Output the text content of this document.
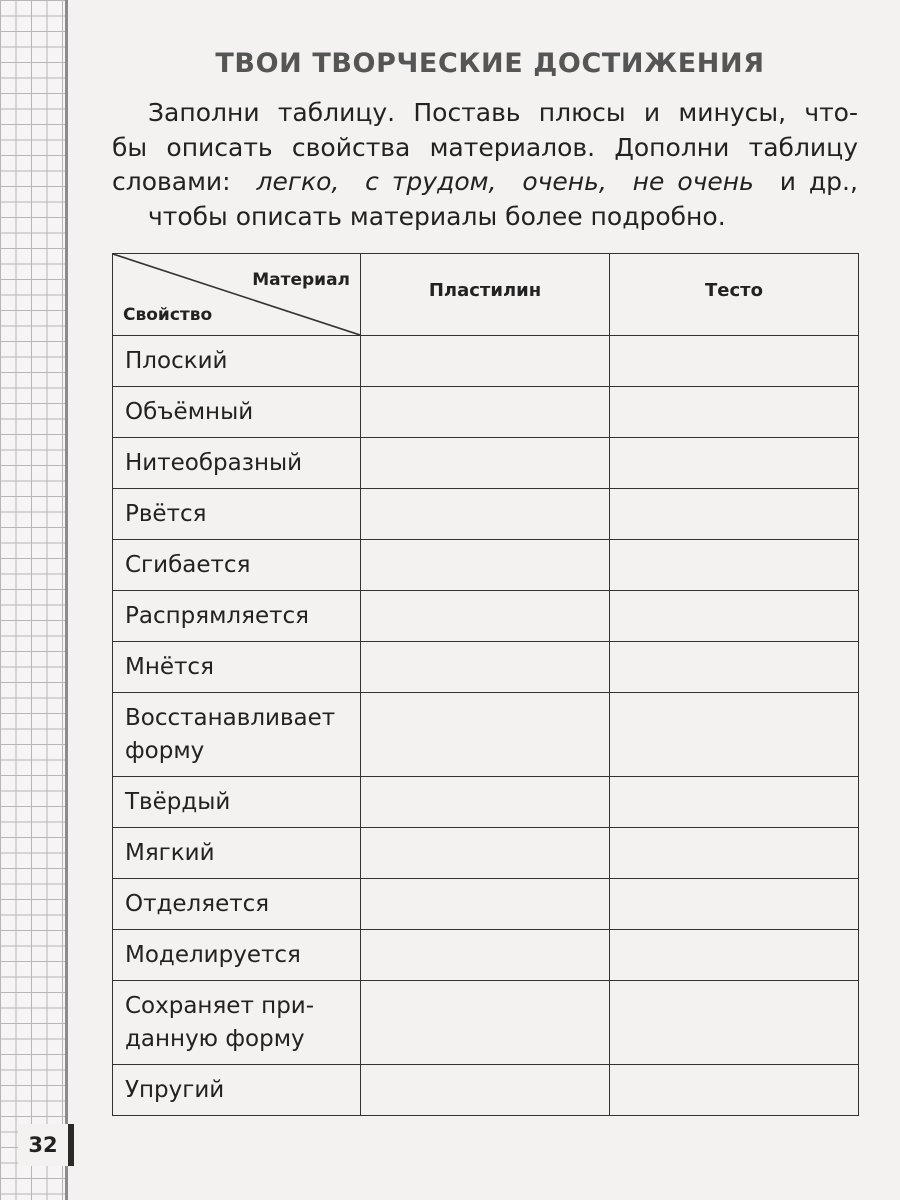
32
ТВОИ ТВОРЧЕСКИЕ ДОСТИЖЕНИЯ
Заполни таблицу. Поставь плюсы и минусы, что-
бы описать свойства материалов. Дополни таблицу
словами: легко, с трудом, очень, не очень и др.,
чтобы описать материалы более подробно.
Материал
Свойство	Пластилин	Тесто
Плоский		
Объёмный		
Нитеобразный		
Рвётся		
Сгибается		
Распрямляется		
Мнётся		

Восстанавливает
форму		

Твёрдый		
Мягкий		
Отделяется		
Моделируется		

Сохраняет при-
данную форму		

Упругий		
